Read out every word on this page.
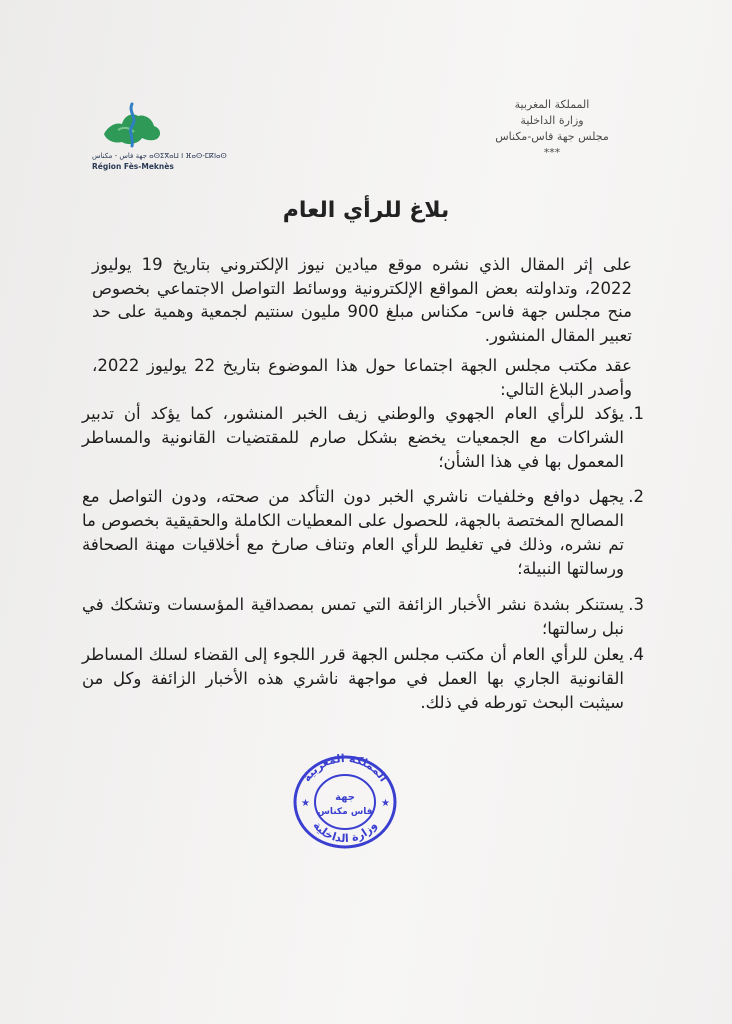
جهة فاس - مكناس ⴰⵙⵉⴳⴰⵡ ⵏ ⴼⴰⵙ-ⵎⴽⵏⴰⵙ
Région Fès-Meknès
المملكة المغربية
وزارة الداخلية
مجلس جهة فاس-مكناس
***
بلاغ للرأي العام
على إثر المقال الذي نشره موقع ميادين نيوز الإلكتروني بتاريخ 19 يوليوز 2022، وتداولته بعض المواقع الإلكترونية ووسائط التواصل الاجتماعي بخصوص منح مجلس جهة فاس- مكناس مبلغ 900 مليون سنتيم لجمعية وهمية على حد تعبير المقال المنشور.
عقد مكتب مجلس الجهة اجتماعا حول هذا الموضوع بتاريخ 22 يوليوز 2022، وأصدر البلاغ التالي:
1.
يؤكد للرأي العام الجهوي والوطني زيف الخبر المنشور، كما يؤكد أن تدبير الشراكات مع الجمعيات يخضع بشكل صارم للمقتضيات القانونية والمساطر المعمول بها في هذا الشأن؛
2.
يجهل دوافع وخلفيات ناشري الخبر دون التأكد من صحته، ودون التواصل مع المصالح المختصة بالجهة، للحصول على المعطيات الكاملة والحقيقية بخصوص ما تم نشره، وذلك في تغليط للرأي العام وتناف صارخ مع أخلاقيات مهنة الصحافة ورسالتها النبيلة؛
3.
يستنكر بشدة نشر الأخبار الزائفة التي تمس بمصداقية المؤسسات وتشكك في نبل رسالتها؛
4.
يعلن للرأي العام أن مكتب مجلس الجهة قرر اللجوء إلى القضاء لسلك المساطر القانونية الجاري بها العمل في مواجهة ناشري هذه الأخبار الزائفة وكل من سيثبت البحث تورطه في ذلك.
المملكة المغربية
وزارة الداخلية
★	★
جهة
فاس مكناس
